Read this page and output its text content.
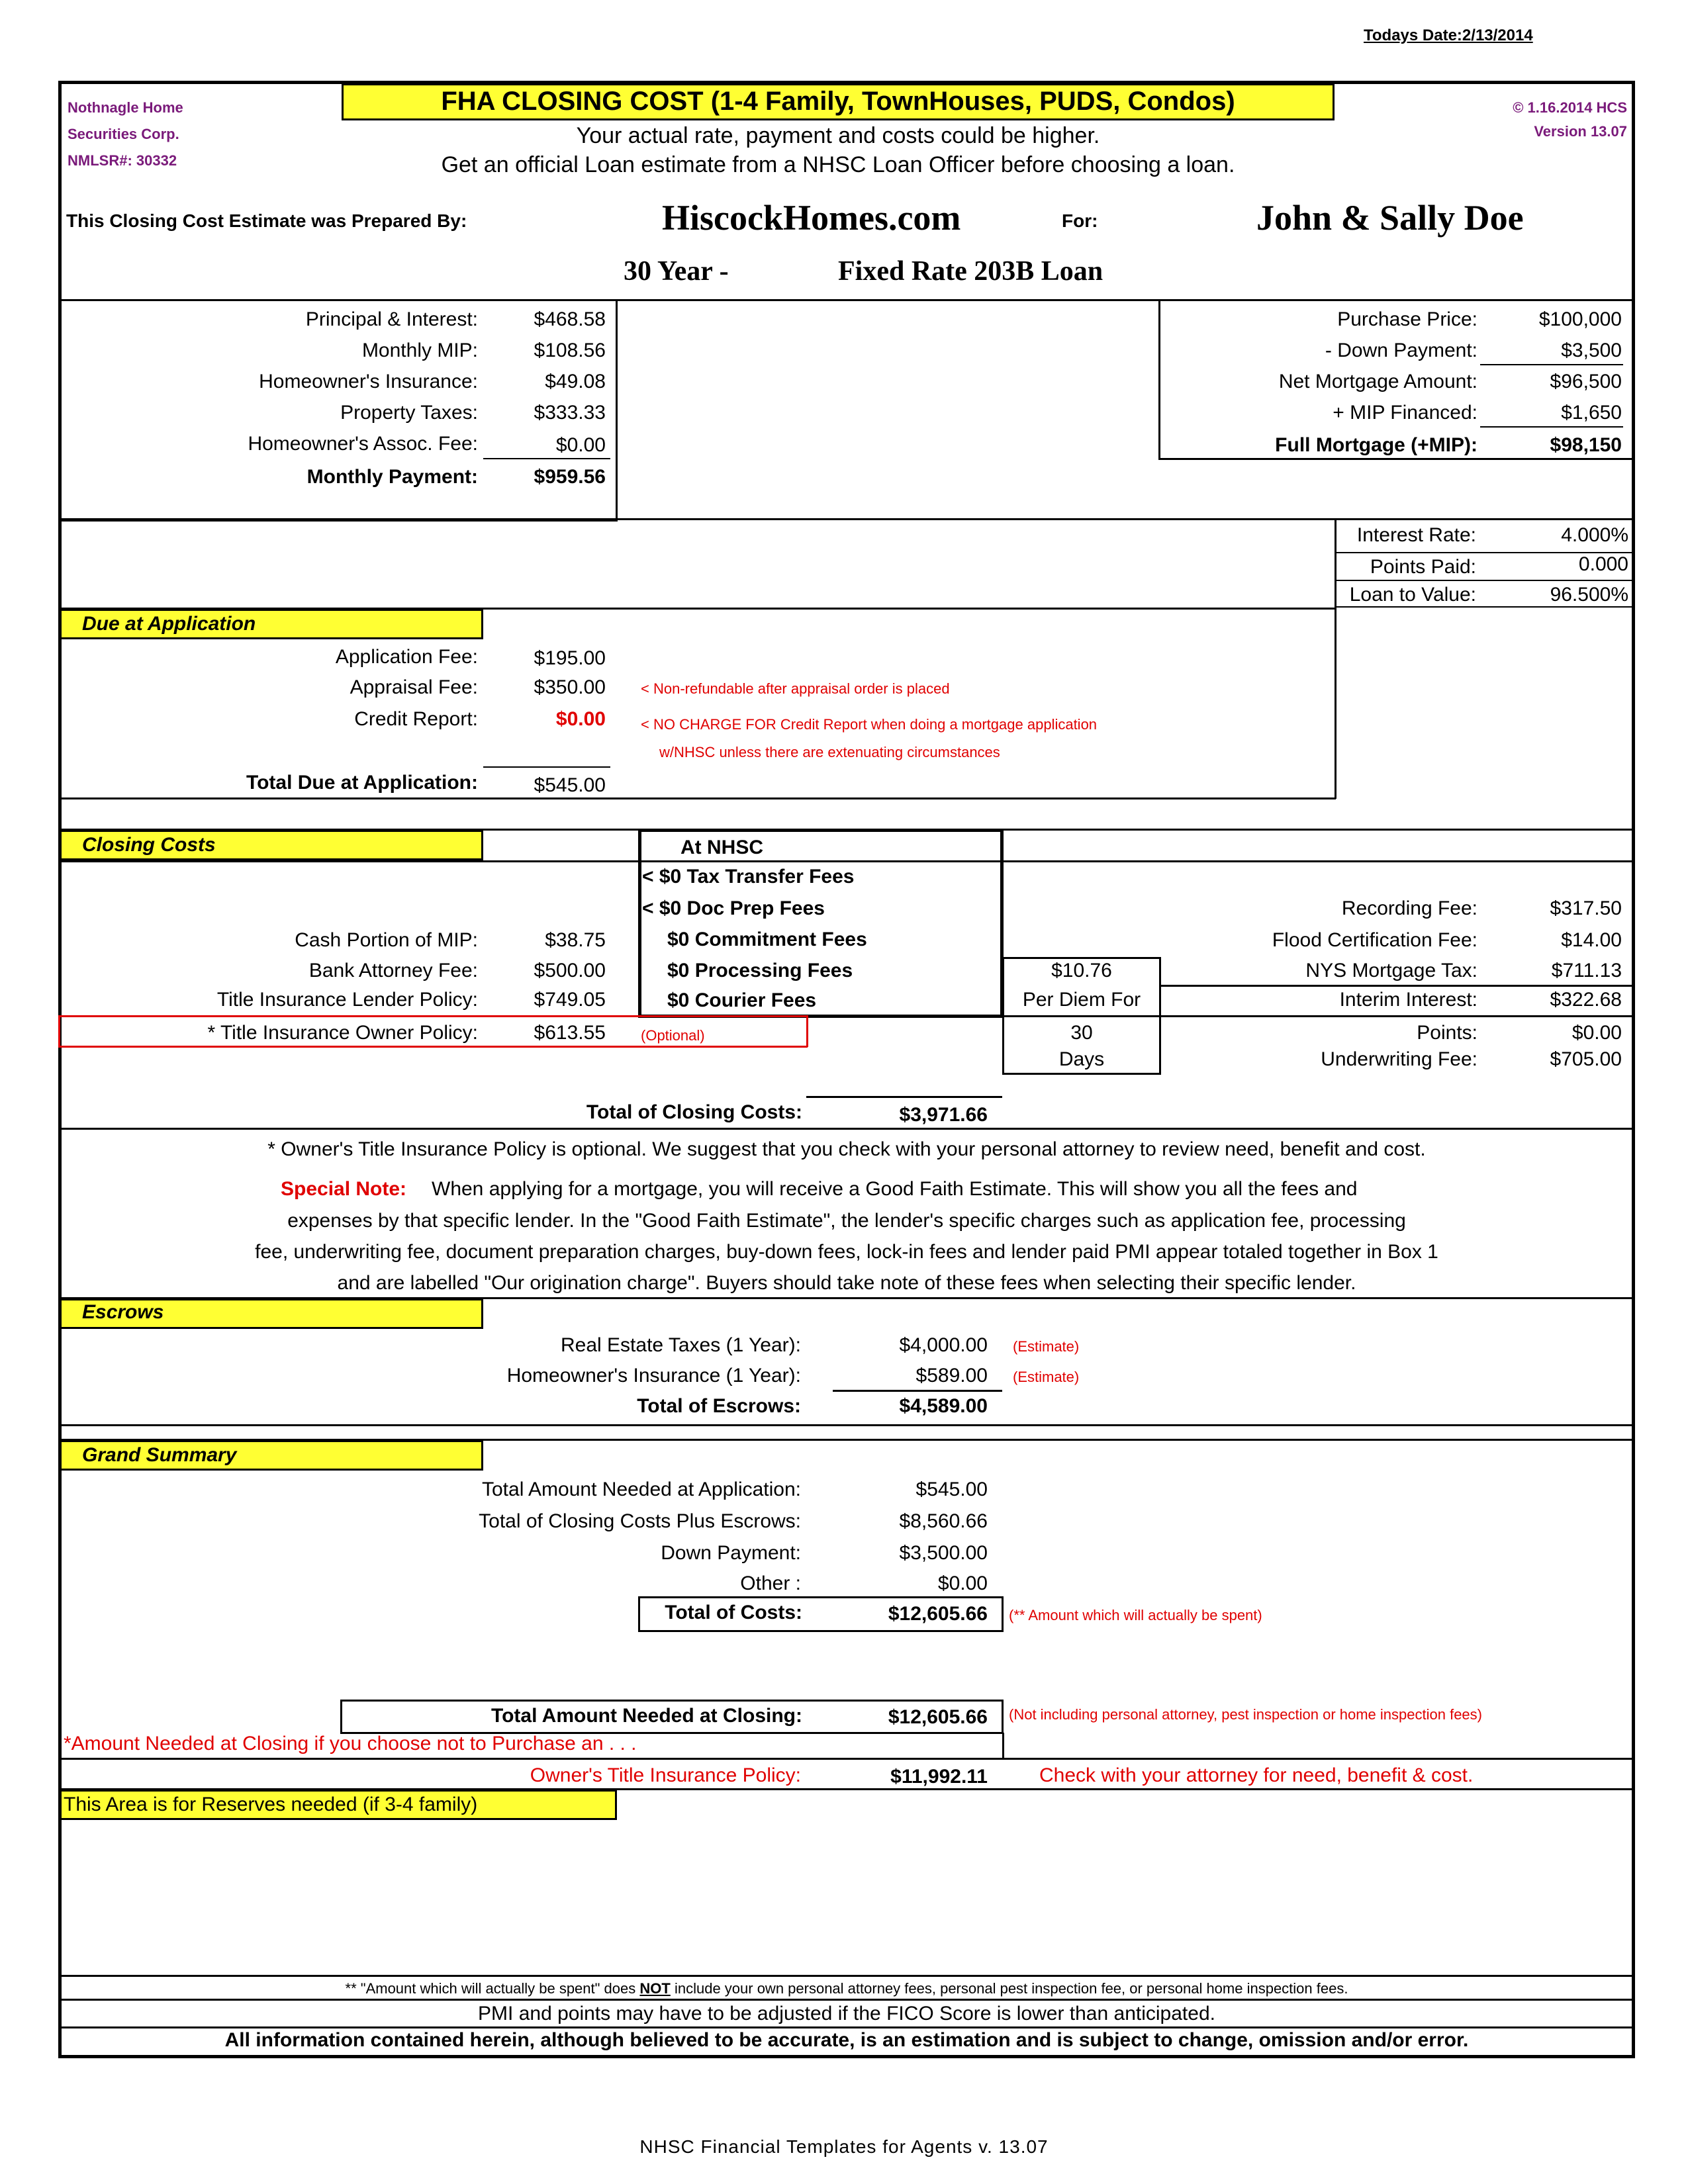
Todays Date:2/13/2014
Nothnagle Home
Securities Corp.
NMLSR#: 30332
FHA CLOSING COST (1-4 Family, TownHouses, PUDS, Condos)	© 1.16.2014 HCS
Version 13.07
Your actual rate, payment and costs could be higher.
Get an official Loan estimate from a NHSC Loan Officer before choosing a loan.
This Closing Cost Estimate was Prepared By:	HiscockHomes.com	For:	John & Sally Doe
30 Year -	Fixed Rate 203B Loan
Principal & Interest:	$468.58
Monthly MIP:	$108.56
Homeowner's Insurance:	$49.08
Property Taxes:	$333.33
Homeowner's Assoc. Fee:	$0.00
Monthly Payment:	$959.56
Purchase Price:	$100,000
- Down Payment:	$3,500
Net Mortgage Amount:	$96,500
+ MIP Financed:	$1,650
Full Mortgage (+MIP):	$98,150
Interest Rate:	4.000%
Points Paid:	0.000
Loan to Value:	96.500%
Due at Application
Application Fee:	$195.00
Appraisal Fee:	$350.00 < Non-refundable after appraisal order is placed
Credit Report:	$0.00 < NO CHARGE FOR Credit Report when doing a mortgage application
w/NHSC unless there are extenuating circumstances
Total Due at Application:	$545.00
Closing Costs	At NHSC
< $0 Tax Transfer Fees
< $0 Doc Prep Fees
$0 Commitment Fees
$0 Processing Fees
$0 Courier Fees
Cash Portion of MIP:	$38.75
Bank Attorney Fee:	$500.00
Title Insurance Lender Policy:	$749.05
* Title Insurance Owner Policy:	$613.55 (Optional)
$10.76
Per Diem For
30
Days
Recording Fee:	$317.50
Flood Certification Fee:	$14.00
NYS Mortgage Tax:	$711.13
Interim Interest:	$322.68
Points:	$0.00
Underwriting Fee:	$705.00
Total of Closing Costs:	$3,971.66
* Owner's Title Insurance Policy is optional. We suggest that you check with your personal attorney to review need, benefit and cost.
Special Note: When applying for a mortgage, you will receive a Good Faith Estimate. This will show you all the fees and
expenses by that specific lender. In the "Good Faith Estimate", the lender's specific charges such as application fee, processing
fee, underwriting fee, document preparation charges, buy-down fees, lock-in fees and lender paid PMI appear totaled together in Box 1
and are labelled "Our origination charge". Buyers should take note of these fees when selecting their specific lender.
Escrows
Real Estate Taxes (1 Year):	$4,000.00 (Estimate)
Homeowner's Insurance (1 Year):	$589.00 (Estimate)
Total of Escrows:	$4,589.00
Grand Summary
Total Amount Needed at Application:	$545.00
Total of Closing Costs Plus Escrows:	$8,560.66
Down Payment:	$3,500.00
Other :	$0.00
Total of Costs:	$12,605.66 (** Amount which will actually be spent)
Total Amount Needed at Closing:	$12,605.66 (Not including personal attorney, pest inspection or home inspection fees)
*Amount Needed at Closing if you choose not to Purchase an . . .
Owner's Title Insurance Policy:	$11,992.11	Check with your attorney for need, benefit & cost.
This Area is for Reserves needed (if 3-4 family)
** "Amount which will actually be spent" does NOT include your own personal attorney fees, personal pest inspection fee, or personal home inspection fees.
PMI and points may have to be adjusted if the FICO Score is lower than anticipated.
All information contained herein, although believed to be accurate, is an estimation and is subject to change, omission and/or error.
NHSC Financial Templates for Agents v. 13.07
